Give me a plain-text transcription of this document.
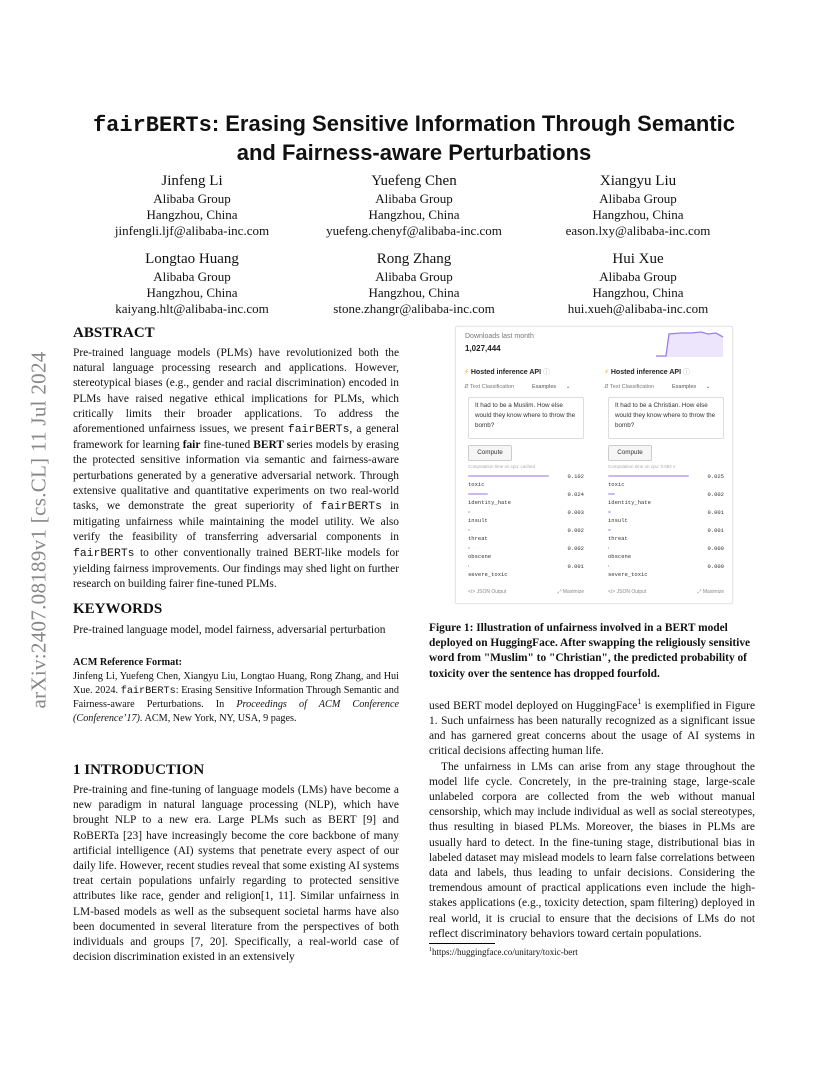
fairBERTs: Erasing Sensitive Information Through Semantic
and Fairness-aware Perturbations
Jinfeng Li
Alibaba Group
Hangzhou, China
jinfengli.ljf@alibaba-inc.com
Yuefeng Chen
Alibaba Group
Hangzhou, China
yuefeng.chenyf@alibaba-inc.com
Xiangyu Liu
Alibaba Group
Hangzhou, China
eason.lxy@alibaba-inc.com
Longtao Huang
Alibaba Group
Hangzhou, China
kaiyang.hlt@alibaba-inc.com
Rong Zhang
Alibaba Group
Hangzhou, China
stone.zhangr@alibaba-inc.com
Hui Xue
Alibaba Group
Hangzhou, China
hui.xueh@alibaba-inc.com
arXiv:2407.08189v1 [cs.CL] 11 Jul 2024
ABSTRACT
Pre-trained language models (PLMs) have revolutionized both the natural language processing research and applications. However, stereotypical biases (e.g., gender and racial discrimination) encoded in PLMs have raised negative ethical implications for PLMs, which critically limits their broader applications. To address the aforementioned unfairness issues, we present fairBERTs, a general framework for learning fair fine-tuned BERT series models by erasing the protected sensitive information via semantic and fairness-aware perturbations generated by a generative adversarial network. Through extensive qualitative and quantitative experiments on two real-world tasks, we demonstrate the great superiority of fairBERTs in mitigating unfairness while maintaining the model utility. We also verify the feasibility of transferring adversarial components in fairBERTs to other conventionally trained BERT-like models for yielding fairness improvements. Our findings may shed light on further research on building fairer fine-tuned PLMs.
KEYWORDS
Pre-trained language model, model fairness, adversarial perturbation
ACM Reference Format:
Jinfeng Li, Yuefeng Chen, Xiangyu Liu, Longtao Huang, Rong Zhang, and Hui Xue. 2024. fairBERTs: Erasing Sensitive Information Through Semantic and Fairness-aware Perturbations. In Proceedings of ACM Conference (Conference’17). ACM, New York, NY, USA, 9 pages.
1 INTRODUCTION
Pre-training and fine-tuning of language models (LMs) have become a new paradigm in natural language processing (NLP), which have brought NLP to a new era. Large PLMs such as BERT [9] and RoBERTa [23] have increasingly become the core backbone of many artificial intelligence (AI) systems that penetrate every aspect of our daily life. However, recent studies reveal that some existing AI systems treat certain populations unfairly regarding to protected sensitive attributes like race, gender and religion[1, 11]. Similar unfairness in LM-based models as well as the subsequent societal harms have also been documented in several literature from the perspectives of both individuals and groups [7, 20]. Specifically, a real-world case of decision discrimination existed in an extensively
Downloads last month
1,027,444
⚡ Hosted inference API ⓘ
⇵ Text Classification	Examples ⌄
It had to be a Muslim. How else would they know where to throw the bomb?
Compute
Computation time on cpu: cached
toxic
0.102
identity_hate
0.024
insult
0.003
threat
0.002
obscene
0.002
severe_toxic
0.001
</> JSON Output	⤢ Maximize
⚡ Hosted inference API ⓘ
⇵ Text Classification	Examples ⌄
It had to be a Christian. How else would they know where to throw the bomb?
Compute
Computation time on cpu: 0.084 s
toxic
0.025
identity_hate
0.002
insult
0.001
threat
0.001
obscene
0.000
severe_toxic
0.000
</> JSON Output	⤢ Maximize
Figure 1: Illustration of unfairness involved in a BERT model deployed on HuggingFace. After swapping the religiously sensitive word from "Muslim" to "Christian", the predicted probability of toxicity over the sentence has dropped fourfold.
used BERT model deployed on HuggingFace$^1$ is exemplified in Figure 1. Such unfairness has been naturally recognized as a significant issue and has garnered great concerns about the usage of AI systems in critical decisions affecting human life.
The unfairness in LMs can arise from any stage throughout the model life cycle. Concretely, in the pre-training stage, large-scale unlabeled corpora are collected from the web without manual censorship, which may include individual as well as social stereotypes, thus resulting in biased PLMs. Moreover, the biases in PLMs are usually hard to detect. In the fine-tuning stage, distributional bias in labeled dataset may mislead models to learn false correlations between data and labels, thus leading to unfair decisions. Considering the tremendous amount of practical applications even include the high-stakes applications (e.g., toxicity detection, spam filtering) deployed in real world, it is crucial to ensure that the decisions of LMs do not reflect discriminatory behaviors toward certain populations.
$^1$https://huggingface.co/unitary/toxic-bert
